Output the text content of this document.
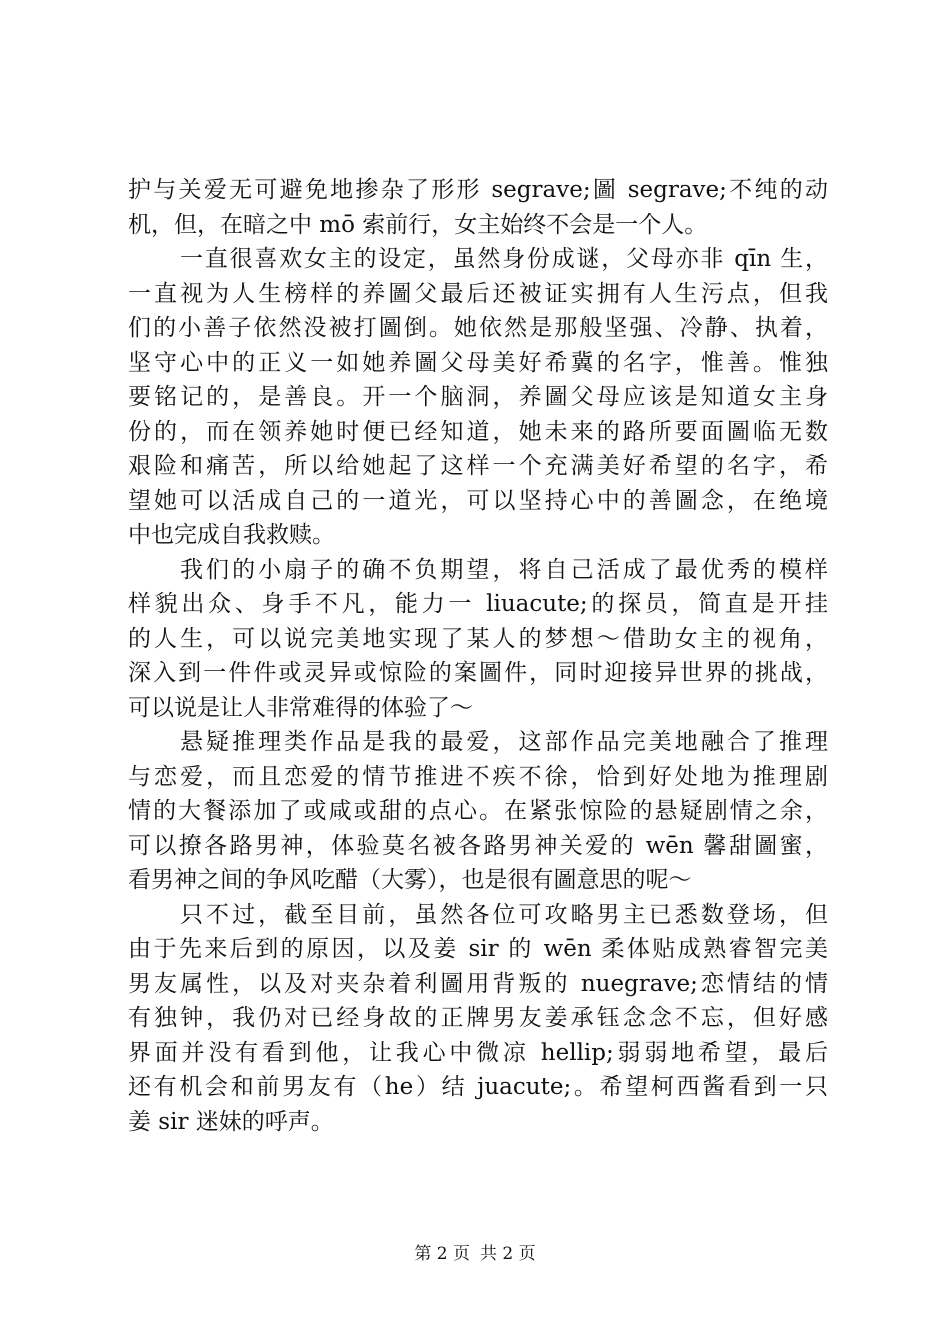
护与关爱无可避免地掺杂了形形 segrave;圖 segrave;不纯的动
机，但，在暗之中 mō 索前行，女主始终不会是一个人。
一直很喜欢女主的设定，虽然身份成谜，父母亦非 qīn 生，
一直视为人生榜样的养圖父最后还被证实拥有人生污点，但我
们的小善子依然没被打圖倒。她依然是那般坚强、冷静、执着，
坚守心中的正义一如她养圖父母美好希冀的名字，惟善。惟独
要铭记的，是善良。开一个脑洞，养圖父母应该是知道女主身
份的，而在领养她时便已经知道，她未来的路所要面圖临无数
艰险和痛苦，所以给她起了这样一个充满美好希望的名字，希
望她可以活成自己的一道光，可以坚持心中的善圖念，在绝境
中也完成自我救赎。
我们的小扇子的确不负期望，将自己活成了最优秀的模样
样貌出众、身手不凡，能力一 liuacute;的探员，简直是开挂
的人生，可以说完美地实现了某人的梦想～借助女主的视角，
深入到一件件或灵异或惊险的案圖件，同时迎接异世界的挑战，
可以说是让人非常难得的体验了～
悬疑推理类作品是我的最爱，这部作品完美地融合了推理
与恋爱，而且恋爱的情节推进不疾不徐，恰到好处地为推理剧
情的大餐添加了或咸或甜的点心。在紧张惊险的悬疑剧情之余，
可以撩各路男神，体验莫名被各路男神关爱的 wēn 馨甜圖蜜，
看男神之间的争风吃醋（大雾），也是很有圖意思的呢～
只不过，截至目前，虽然各位可攻略男主已悉数登场，但
由于先来后到的原因，以及姜 sir 的 wēn 柔体贴成熟睿智完美
男友属性，以及对夹杂着利圖用背叛的 nuegrave;恋情结的情
有独钟，我仍对已经身故的正牌男友姜承钰念念不忘，但好感
界面并没有看到他，让我心中微凉 hellip;弱弱地希望，最后
还有机会和前男友有（he）结 juacute;。希望柯西酱看到一只
姜 sir 迷妹的呼声。
第 2 页 共 2 页
